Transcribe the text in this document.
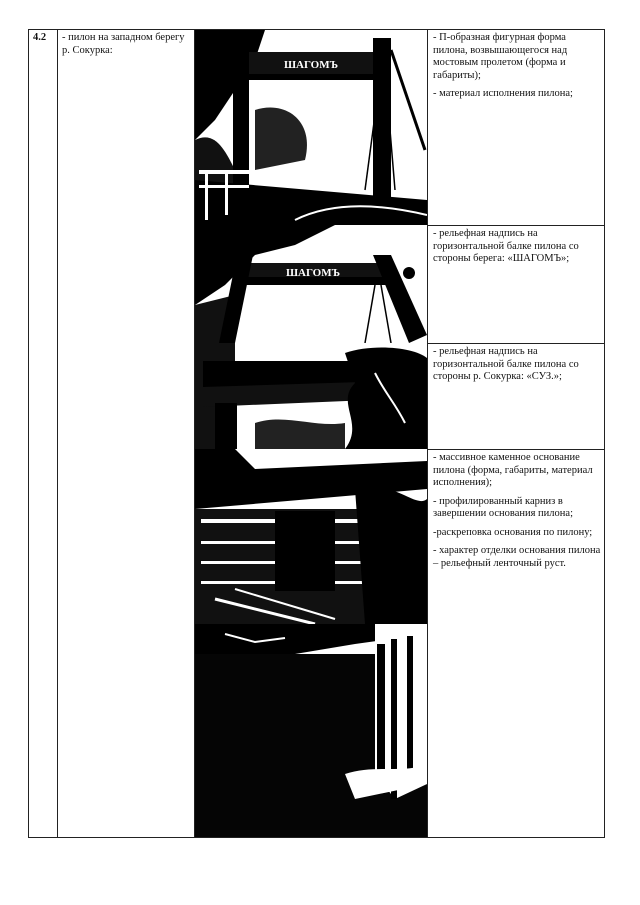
4.2 - пилон на западном берегу р. Сокурка:
ШАГОМЪ
ШАГОМЪ

- П-образная фигурная форма пилона, возвышающегося над мостовым пролетом (форма и габариты);

- материал исполнения пилона;

- рельефная надпись на горизонтальной балке пилона со стороны берега: «ШАГОМЪ»;

- рельефная надпись на горизонтальной балке пилона со стороны р. Сокурка: «СУЗ.»;

- массивное каменное основание пилона (форма, габариты, материал исполнения);

- профилированный карниз в завершении основания пилона;

-раскреповка основания по пилону;

- характер отделки основания пилона – рельефный ленточный руст.
